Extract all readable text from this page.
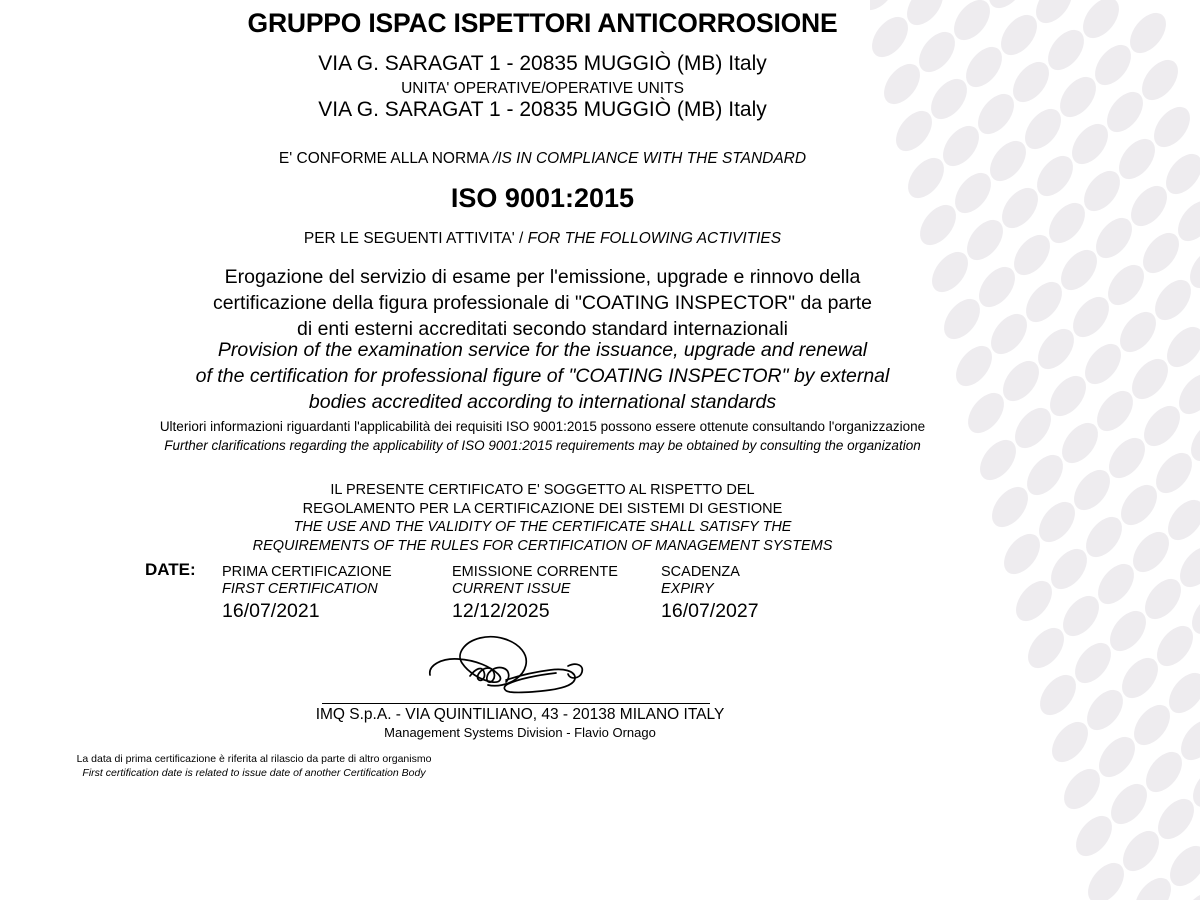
GRUPPO ISPAC ISPETTORI ANTICORROSIONE
VIA G. SARAGAT 1 - 20835 MUGGIÒ (MB) Italy
UNITA' OPERATIVE/OPERATIVE UNITS
VIA G. SARAGAT 1 - 20835 MUGGIÒ (MB) Italy
E' CONFORME ALLA NORMA /IS IN COMPLIANCE WITH THE STANDARD
ISO 9001:2015
PER LE SEGUENTI ATTIVITA' / FOR THE FOLLOWING ACTIVITIES
Erogazione del servizio di esame per l'emissione, upgrade e rinnovo della
certificazione della figura professionale di "COATING INSPECTOR" da parte
di enti esterni accreditati secondo standard internazionali
Provision of the examination service for the issuance, upgrade and renewal
of the certification for professional figure of "COATING INSPECTOR" by external
bodies accredited according to international standards
Ulteriori informazioni riguardanti l'applicabilità dei requisiti ISO 9001:2015 possono essere ottenute consultando l'organizzazione
Further clarifications regarding the applicability of ISO 9001:2015 requirements may be obtained by consulting the organization
IL PRESENTE CERTIFICATO E' SOGGETTO AL RISPETTO DEL
REGOLAMENTO PER LA CERTIFICAZIONE DEI SISTEMI DI GESTIONE
THE USE AND THE VALIDITY OF THE CERTIFICATE SHALL SATISFY THE
REQUIREMENTS OF THE RULES FOR CERTIFICATION OF MANAGEMENT SYSTEMS
DATE: PRIMA CERTIFICAZIONE
FIRST CERTIFICATION
16/07/2021
EMISSIONE CORRENTE
CURRENT ISSUE
12/12/2025
SCADENZA
EXPIRY
16/07/2027
IMQ S.p.A. - VIA QUINTILIANO, 43 - 20138 MILANO ITALY
Management Systems Division - Flavio Ornago
La data di prima certificazione è riferita al rilascio da parte di altro organismo
First certification date is related to issue date of another Certification Body
